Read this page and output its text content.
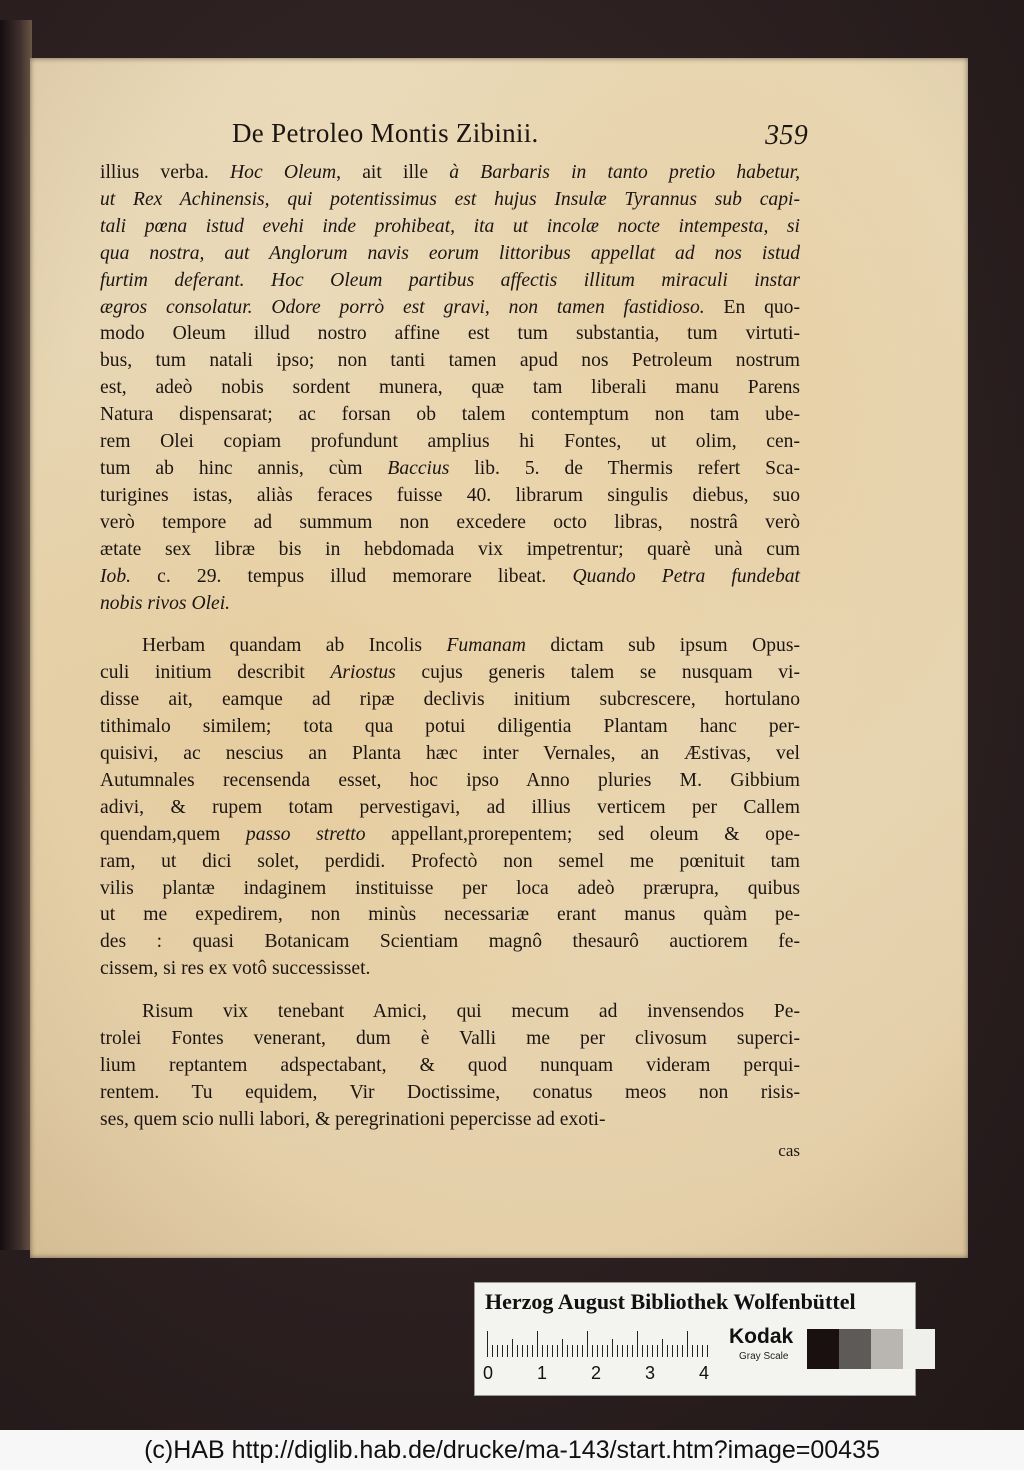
De Petroleo Montis Zibinii.	359
illius verba. Hoc Oleum, ait ille à Barbaris in tanto pretio habetur,
ut Rex Achinensis, qui potentissimus est hujus Insulæ Tyrannus sub capi-
tali pœna istud evehi inde prohibeat, ita ut incolæ nocte intempesta, si
qua nostra, aut Anglorum navis eorum littoribus appellat ad nos istud
furtim deferant. Hoc Oleum partibus affectis illitum miraculi instar
ægros consolatur. Odore porrò est gravi, non tamen fastidioso. En quo-
modo Oleum illud nostro affine est tum substantia, tum virtuti-
bus, tum natali ipso; non tanti tamen apud nos Petroleum nostrum
est, adeò nobis sordent munera, quæ tam liberali manu Parens
Natura dispensarat; ac forsan ob talem contemptum non tam ube-
rem Olei copiam profundunt amplius hi Fontes, ut olim, cen-
tum ab hinc annis, cùm Baccius lib. 5. de Thermis refert Sca-
turigines istas, aliàs feraces fuisse 40. librarum singulis diebus, suo
verò tempore ad summum non excedere octo libras, nostrâ verò
ætate sex libræ bis in hebdomada vix impetrentur; quarè unà cum
Iob. c. 29. tempus illud memorare libeat. Quando Petra fundebat
nobis rivos Olei.
Herbam quandam ab Incolis Fumanam dictam sub ipsum Opus-
culi initium describit Ariostus cujus generis talem se nusquam vi-
disse ait, eamque ad ripæ declivis initium subcrescere, hortulano
tithimalo similem; tota qua potui diligentia Plantam hanc per-
quisivi, ac nescius an Planta hæc inter Vernales, an Æstivas, vel
Autumnales recensenda esset, hoc ipso Anno pluries M. Gibbium
adivi, & rupem totam pervestigavi, ad illius verticem per Callem
quendam,quem passo stretto appellant,prorepentem; sed oleum & ope-
ram, ut dici solet, perdidi. Profectò non semel me pœnituit tam
vilis plantæ indaginem instituisse per loca adeò prærupra, quibus
ut me expedirem, non minùs necessariæ erant manus quàm pe-
des : quasi Botanicam Scientiam magnô thesaurô auctiorem fe-
cissem, si res ex votô successisset.
Risum vix tenebant Amici, qui mecum ad invensendos Pe-
trolei Fontes venerant, dum è Valli me per clivosum superci-
lium reptantem adspectabant, & quod nunquam videram perqui-
rentem. Tu equidem, Vir Doctissime, conatus meos non risis-
ses, quem scio nulli labori, & peregrinationi pepercisse ad exoti-
cas
Herzog August Bibliothek Wolfenbüttel
0 1 2 3 4
Kodak
Gray Scale
(c)HAB http://diglib.hab.de/drucke/ma-143/start.htm?image=00435
